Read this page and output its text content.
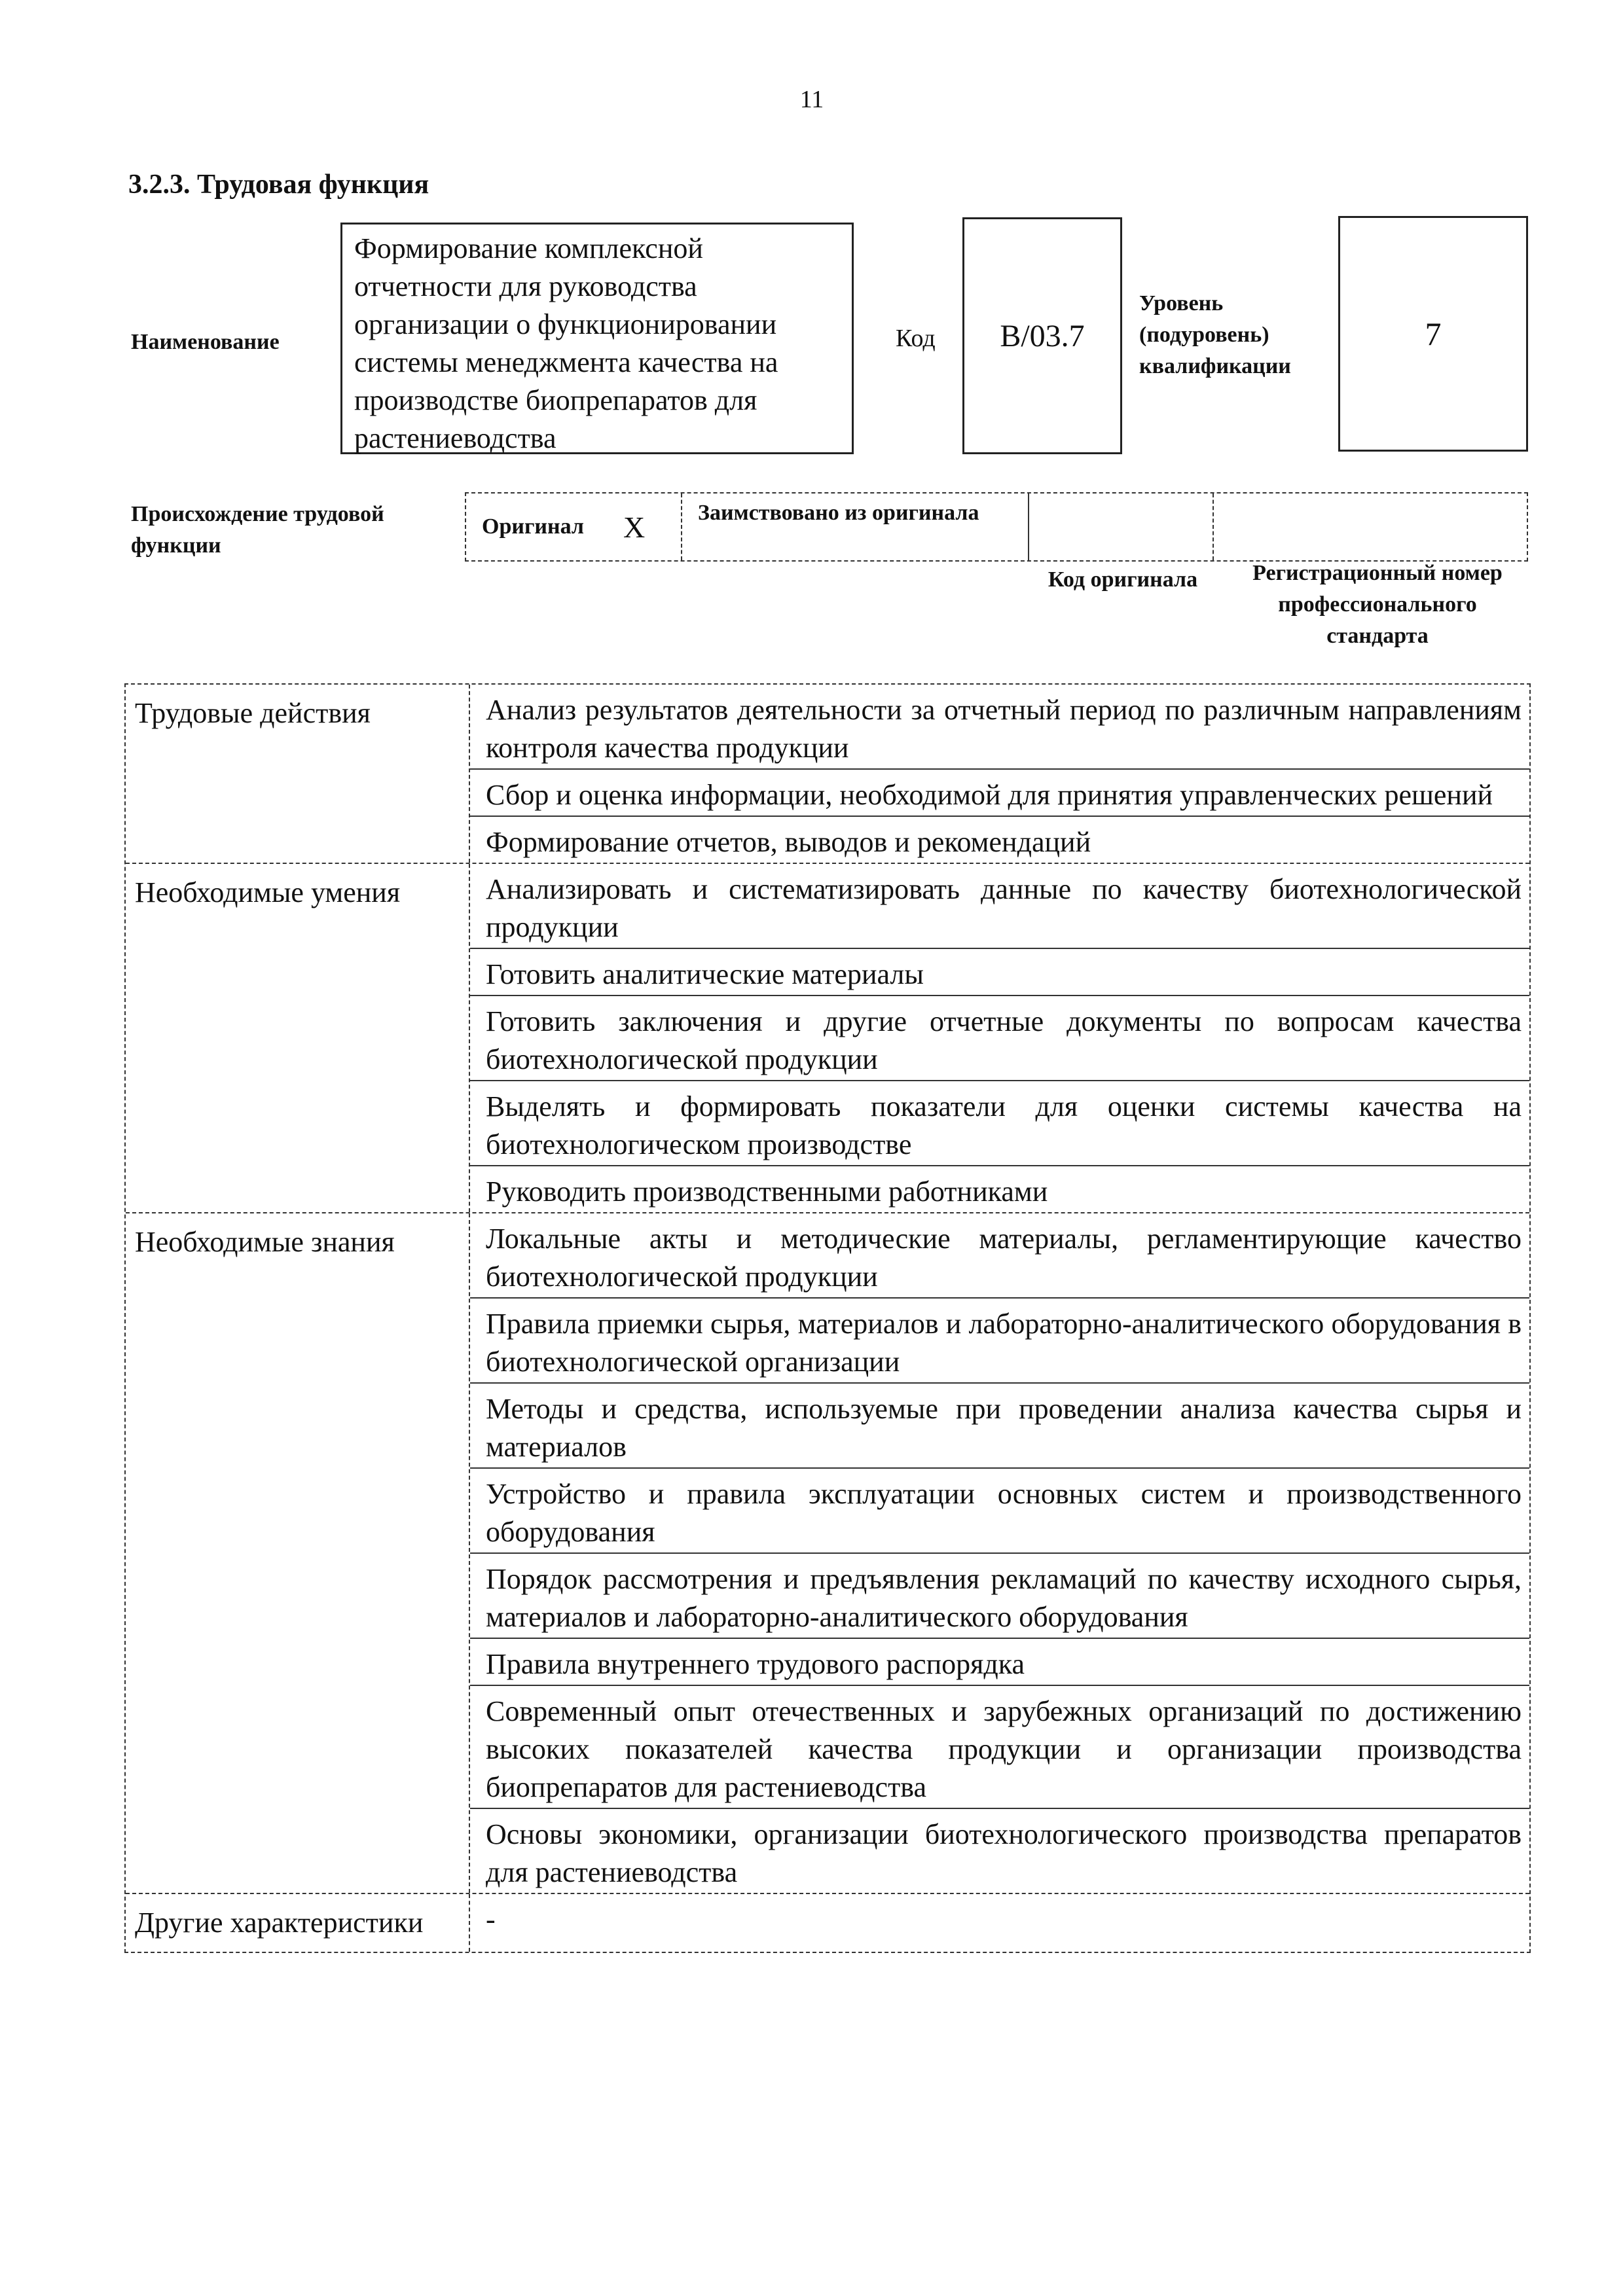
11
3.2.3. Трудовая функция
Наименование
Формирование комплексной отчетности для руководства организации о функционировании системы менеджмента качества на производстве биопрепаратов для растениеводства
Код B/03.7
Уровень (подуровень) квалификации
7
Происхождение трудовой функции
Оригинал X	Заимствовано из оригинала
Код оригинала	Регистрационный номер профессионального стандарта
Трудовые действия	Анализ результатов деятельности за отчетный период по различным направлениям контроля качества продукции
Сбор и оценка информации, необходимой для принятия управленческих решений
Формирование отчетов, выводов и рекомендаций
Необходимые умения	Анализировать и систематизировать данные по качеству биотехнологической продукции
Готовить аналитические материалы
Готовить заключения и другие отчетные документы по вопросам качества биотехнологической продукции
Выделять и формировать показатели для оценки системы качества на биотехнологическом производстве
Руководить производственными работниками
Необходимые знания	Локальные акты и методические материалы, регламентирующие качество биотехнологической продукции
Правила приемки сырья, материалов и лабораторно-аналитического оборудования в биотехнологической организации
Методы и средства, используемые при проведении анализа качества сырья и материалов
Устройство и правила эксплуатации основных систем и производственного оборудования
Порядок рассмотрения и предъявления рекламаций по качеству исходного сырья, материалов и лабораторно-аналитического оборудования
Правила внутреннего трудового распорядка
Современный опыт отечественных и зарубежных организаций по достижению высоких показателей качества продукции и организации производства биопрепаратов для растениеводства
Основы экономики, организации биотехнологического производства препаратов для растениеводства
Другие характеристики	-
